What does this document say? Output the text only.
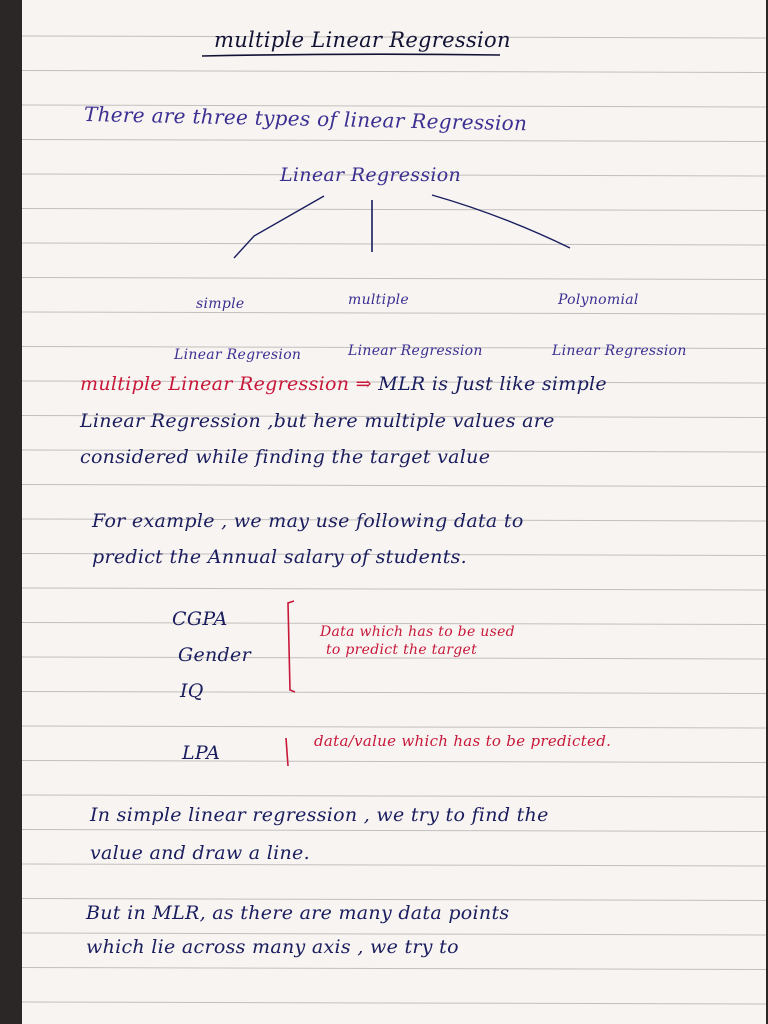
multiple Linear Regression
There are three types of linear Regression
Linear Regression

simple

Linear Regresion

multiple

Linear Regression

Polynomial

Linear Regression

multiple Linear Regression ⇒ MLR is Just like simple
Linear Regression ,but here multiple values are
considered while finding the target value
For example , we may use following data to
predict the Annual salary of students.
CGPA
Gender
IQ
Data which has to be used
to predict the target
LPA
data/value which has to be predicted.
In simple linear regression , we try to find the
value and draw a line.
But in MLR, as there are many data points
which lie across many axis , we try to
